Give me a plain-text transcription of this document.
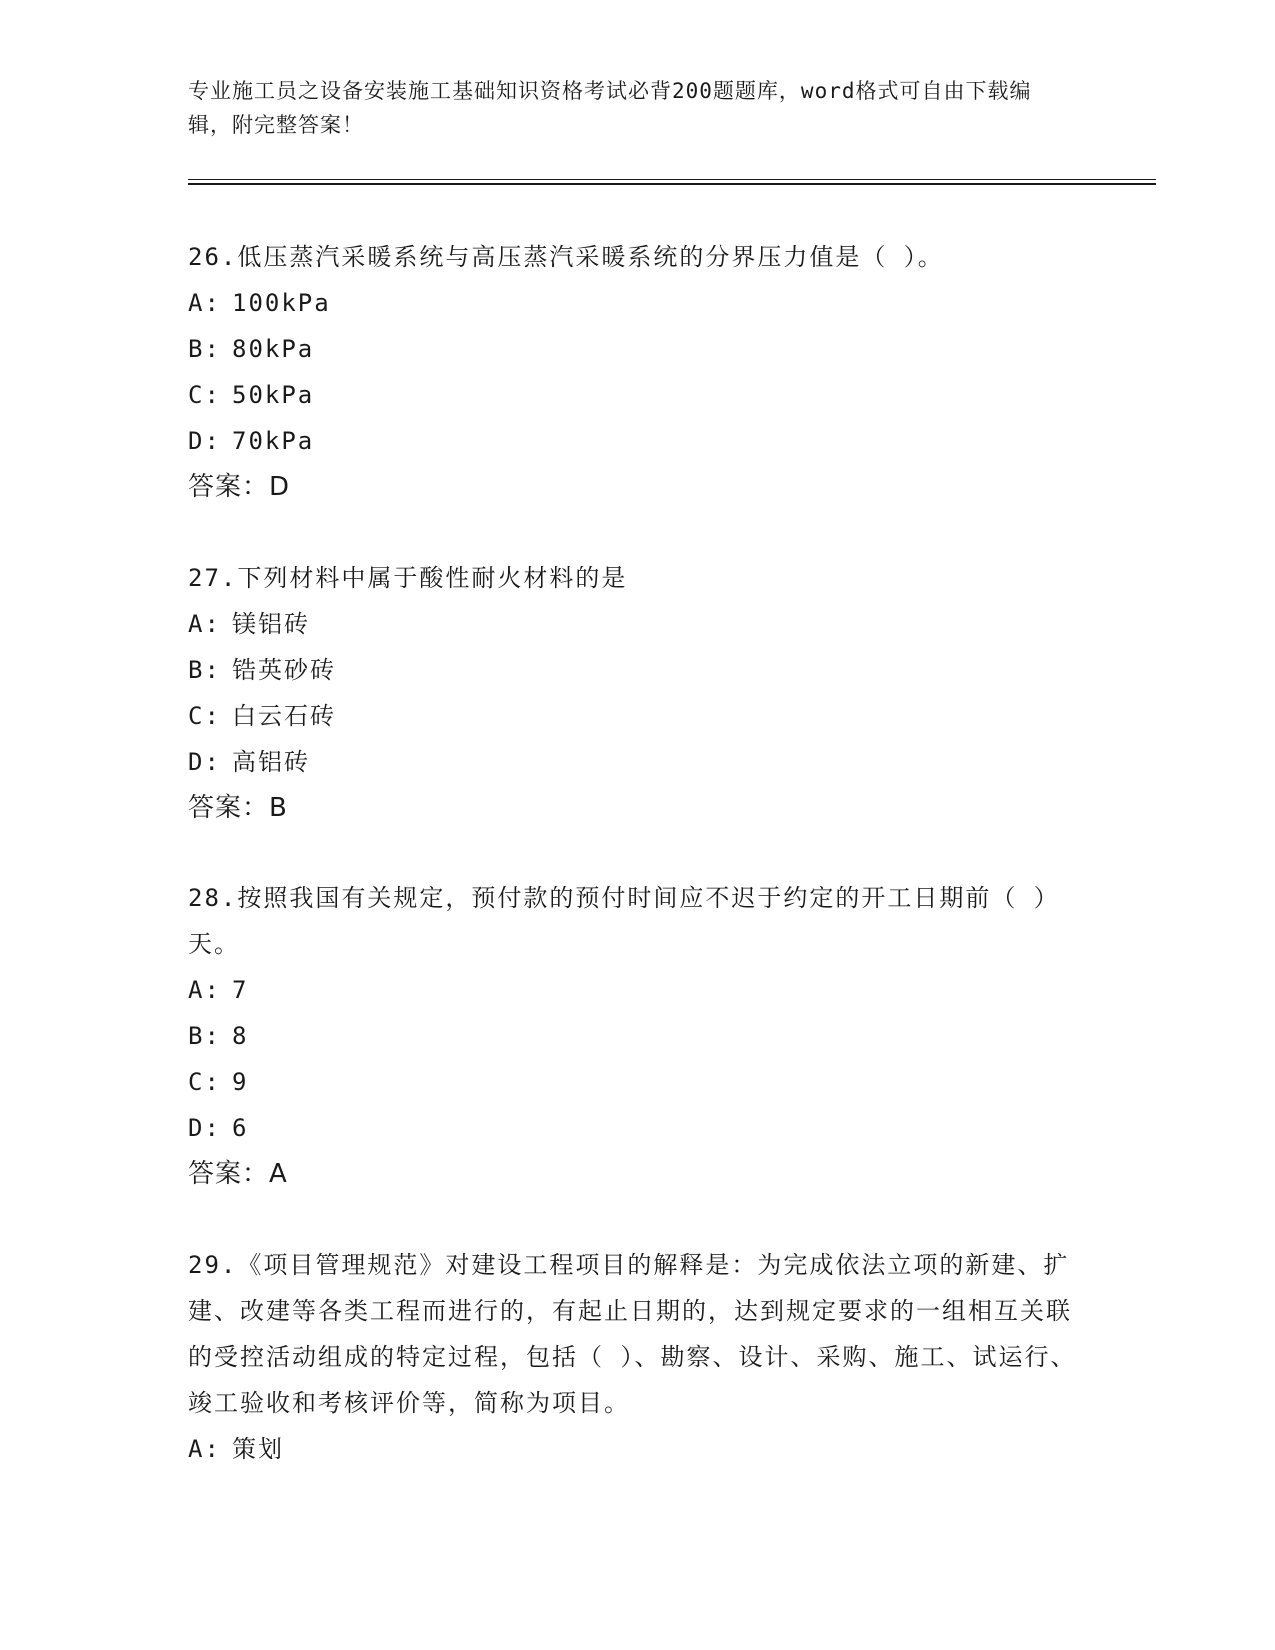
专业施工员之设备安装施工基础知识资格考试必背200题题库，word格式可自由下载编辑，附完整答案！

26.低压蒸汽采暖系统与高压蒸汽采暖系统的分界压力值是（ ）。

A: 100kPa

B: 80kPa

C: 50kPa

D: 70kPa

答案：D

27.下列材料中属于酸性耐火材料的是

A: 镁铝砖

B: 锆英砂砖

C: 白云石砖

D: 高铝砖

答案：B

28.按照我国有关规定，预付款的预付时间应不迟于约定的开工日期前（ ）天。

A: 7

B: 8

C: 9

D: 6

答案：A

29.《项目管理规范》对建设工程项目的解释是：为完成依法立项的新建、扩建、改建等各类工程而进行的，有起止日期的，达到规定要求的一组相互关联的受控活动组成的特定过程，包括（ ）、勘察、设计、采购、施工、试运行、竣工验收和考核评价等，简称为项目。

A: 策划
